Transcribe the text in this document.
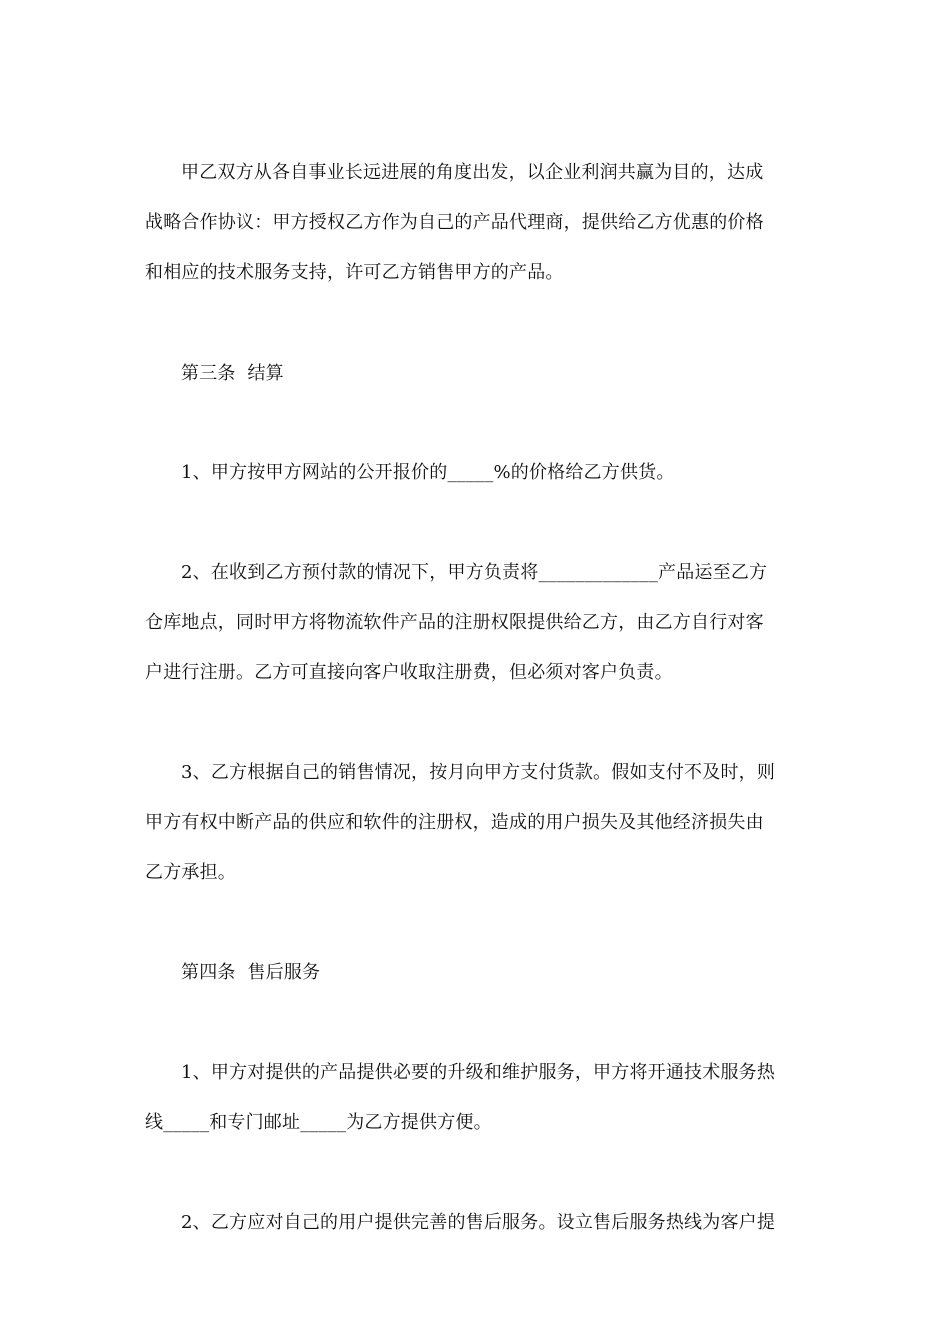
甲乙双方从各自事业长远进展的角度出发，以企业利润共赢为目的，达成
战略合作协议：甲方授权乙方作为自己的产品代理商，提供给乙方优惠的价格
和相应的技术服务支持，许可乙方销售甲方的产品。
第三条  结算
1、甲方按甲方网站的公开报价的_____%的价格给乙方供货。
2、在收到乙方预付款的情况下，甲方负责将_____________产品运至乙方
仓库地点，同时甲方将物流软件产品的注册权限提供给乙方，由乙方自行对客
户进行注册。乙方可直接向客户收取注册费，但必须对客户负责。
3、乙方根据自己的销售情况，按月向甲方支付货款。假如支付不及时，则
甲方有权中断产品的供应和软件的注册权，造成的用户损失及其他经济损失由
乙方承担。
第四条  售后服务
1、甲方对提供的产品提供必要的升级和维护服务，甲方将开通技术服务热
线_____和专门邮址_____为乙方提供方便。
2、乙方应对自己的用户提供完善的售后服务。设立售后服务热线为客户提
